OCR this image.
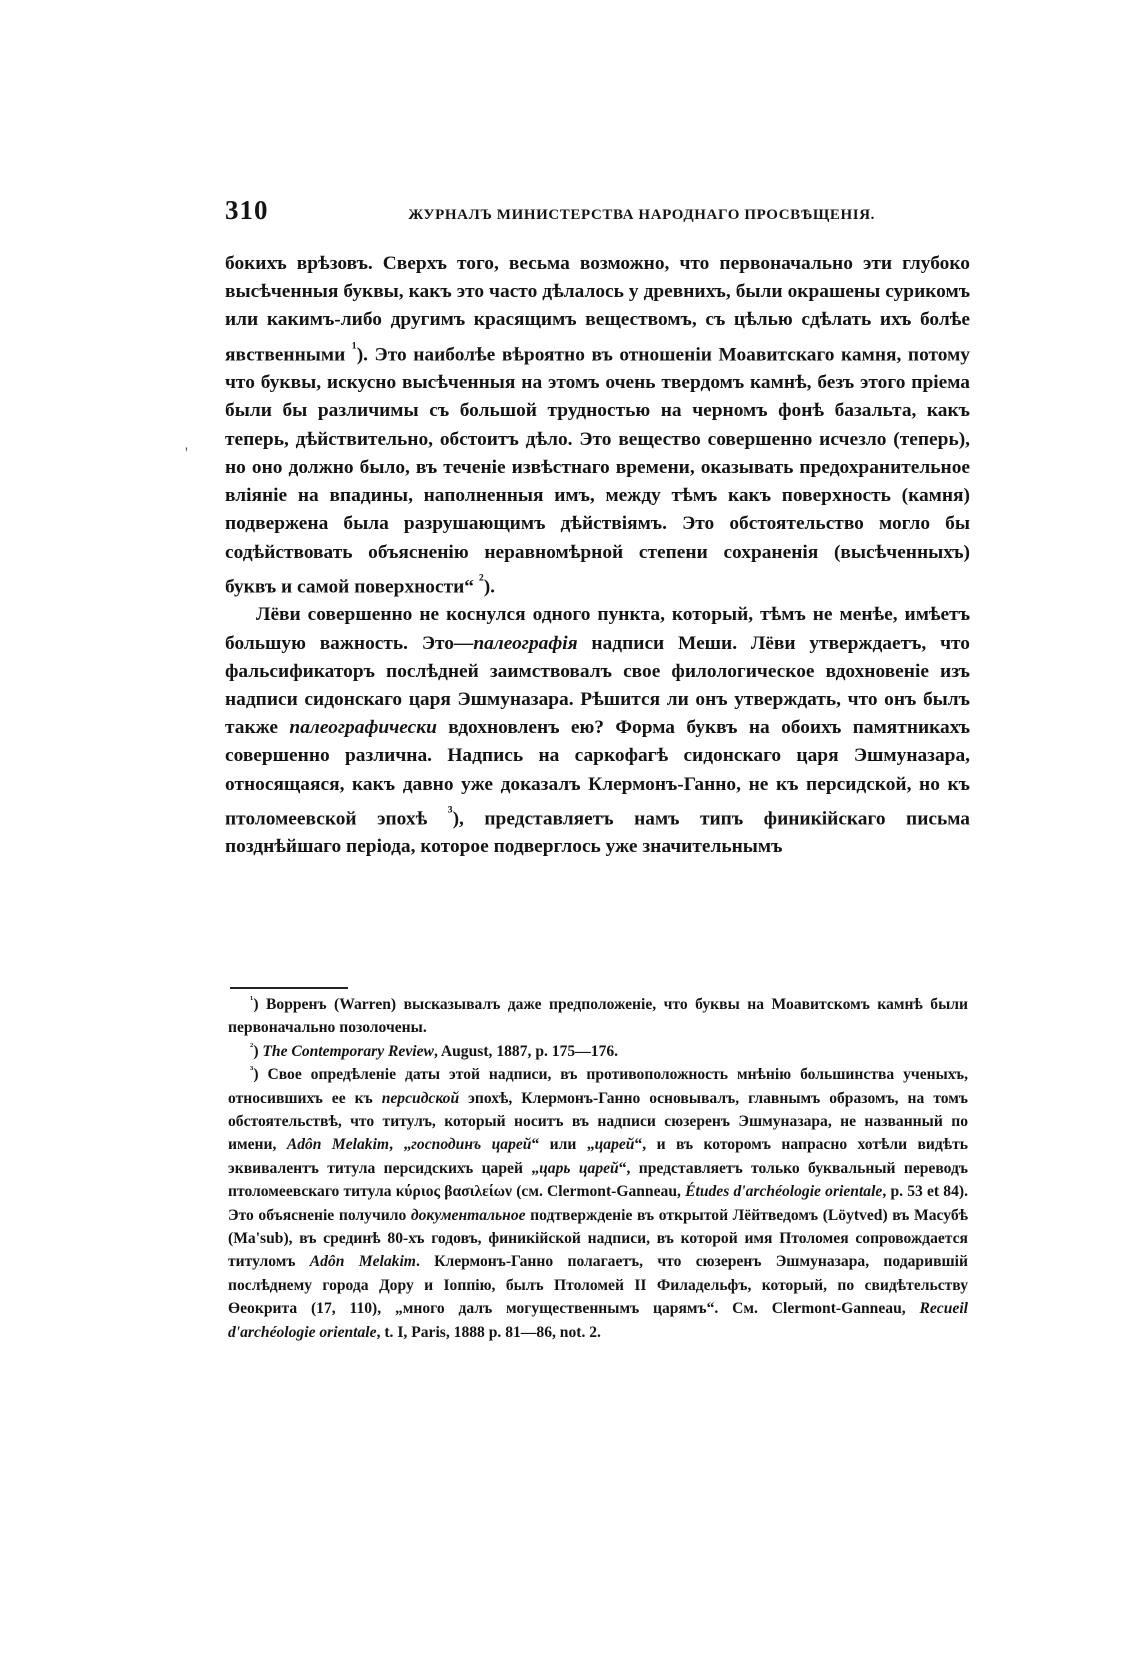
'
310	ЖУРНАЛЪ МИНИСТЕРСТВА НАРОДНАГО ПРОСВѢЩЕНІЯ.

бокихъ врѣзовъ. Сверхъ того, весьма возможно, что первоначально эти глубоко высѣченныя буквы, какъ это часто дѣлалось у древнихъ, были окрашены сурикомъ или какимъ-либо другимъ красящимъ веществомъ, съ цѣлью сдѣлать ихъ болѣе явственными $^{^1}$). Это наиболѣе вѣроятно въ отношеніи Моавитскаго камня, потому что буквы, искусно высѣченныя на этомъ очень твердомъ камнѣ, безъ этого пріема были бы различимы съ большой трудностью на черномъ фонѣ базальта, какъ теперь, дѣйствительно, обстоитъ дѣло. Это вещество совершенно исчезло (теперь), но оно должно было, въ теченіе извѣстнаго времени, оказывать предохранительное вліяніе на впадины, наполненныя имъ, между тѣмъ какъ поверхность (камня) подвержена была разрушающимъ дѣйствіямъ. Это обстоятельство могло бы содѣйствовать объясненію неравномѣрной степени сохраненія (высѣченныхъ) буквъ и самой поверхности“ $^{^2}$).

Лёви совершенно не коснулся одного пункта, который, тѣмъ не менѣе, имѣетъ большую важность. Это—палеографія надписи Меши. Лёви утверждаетъ, что фальсификаторъ послѣдней заимствовалъ свое филологическое вдохновеніе изъ надписи сидонскаго царя Эшмуназара. Рѣшится ли онъ утверждать, что онъ былъ также палеографически вдохновленъ ею? Форма буквъ на обоихъ памятникахъ совершенно различна. Надпись на саркофагѣ сидонскаго царя Эшмуназара, относящаяся, какъ давно уже доказалъ Клермонъ-Ганно, не къ персидской, но къ птоломеевской эпохѣ $^{^3}$), представляетъ намъ типъ финикійскаго письма позднѣйшаго періода, которое подверглось уже значительнымъ

$^{^1}$) Ворренъ (Warren) высказывалъ даже предположеніе, что буквы на Моавитскомъ камнѣ были первоначально позолочены.

$^{^2}$) The Contemporary Review, August, 1887, p. 175—176.

$^{^3}$) Свое опредѣленіе даты этой надписи, въ противоположность мнѣнію большинства ученыхъ, относившихъ ее къ персидской эпохѣ, Клермонъ-Ганно основывалъ, главнымъ образомъ, на томъ обстоятельствѣ, что титулъ, который носитъ въ надписи сюзеренъ Эшмуназара, не названный по имени, Adôn Melakim, „господинъ царей“ или „царей“, и въ которомъ напрасно хотѣли видѣть эквивалентъ титула персидскихъ царей „царь царей“, представляетъ только буквальный переводъ птоломеевскаго титула κύριος βασιλείων (см. Clermont-Ganneau, Études d'archéologie orientale, p. 53 et 84). Это объясненіе получило документальное подтвержденіе въ открытой Лёйтведомъ (Löytved) въ Масубѣ (Ma'sub), въ срединѣ 80-хъ годовъ, финикійской надписи, въ которой имя Птоломея сопровождается титуломъ Adôn Melakim. Клермонъ-Ганно полагаетъ, что сюзеренъ Эшмуназара, подарившій послѣднему города Дору и Іоппію, былъ Птоломей II Филадельфъ, который, по свидѣтельству Өеокрита (17, 110), „много далъ могущественнымъ царямъ“. См. Clermont-Ganneau, Recueil d'archéologie orientale, t. I, Paris, 1888 p. 81—86, not. 2.
